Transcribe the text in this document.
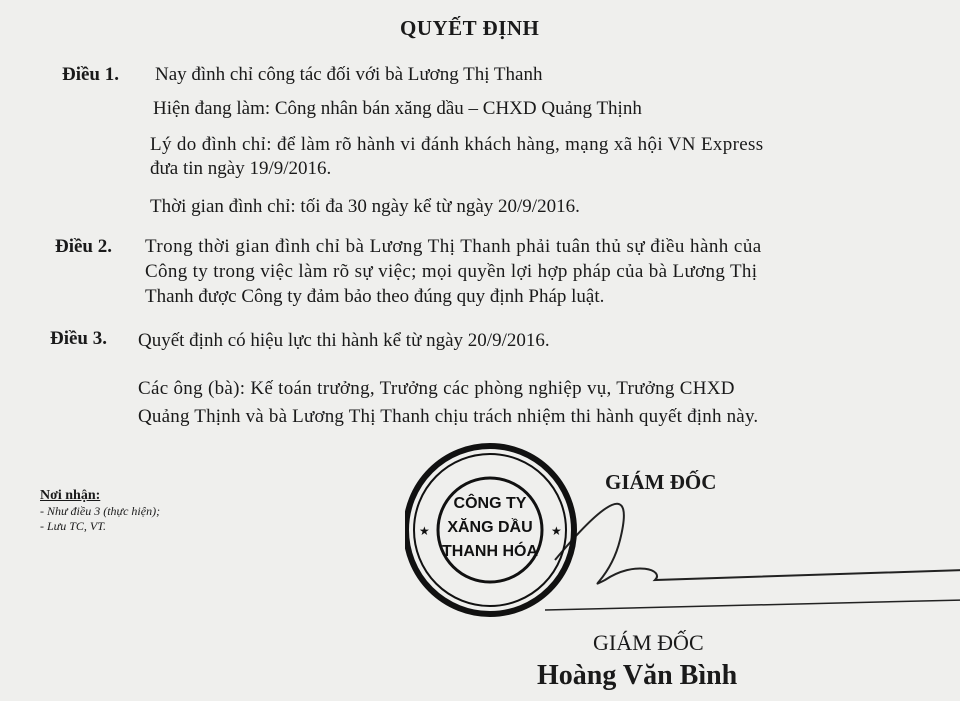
QUYẾT ĐỊNH
Điều 1. Nay đình chỉ công tác đối với bà Lương Thị Thanh
Hiện đang làm: Công nhân bán xăng dầu – CHXD Quảng Thịnh
Lý do đình chỉ: để làm rõ hành vi đánh khách hàng, mạng xã hội VN Express
đưa tin ngày 19/9/2016.
Thời gian đình chỉ: tối đa 30 ngày kể từ ngày 20/9/2016.
Điều 2. Trong thời gian đình chỉ bà Lương Thị Thanh phải tuân thủ sự điều hành của
Công ty trong việc làm rõ sự việc; mọi quyền lợi hợp pháp của bà Lương Thị
Thanh được Công ty đảm bảo theo đúng quy định Pháp luật.
Điều 3. Quyết định có hiệu lực thi hành kể từ ngày 20/9/2016.
Các ông (bà): Kế toán trưởng, Trưởng các phòng nghiệp vụ, Trưởng CHXD
Quảng Thịnh và bà Lương Thị Thanh chịu trách nhiệm thi hành quyết định này.
Nơi nhận:
- Như điều 3 (thực hiện);
- Lưu TC, VT.
GIÁM ĐỐC
CÔNG TY
XĂNG DẦU
THANH HÓA
★	★
GIÁM ĐỐC
Hoàng Văn Bình
